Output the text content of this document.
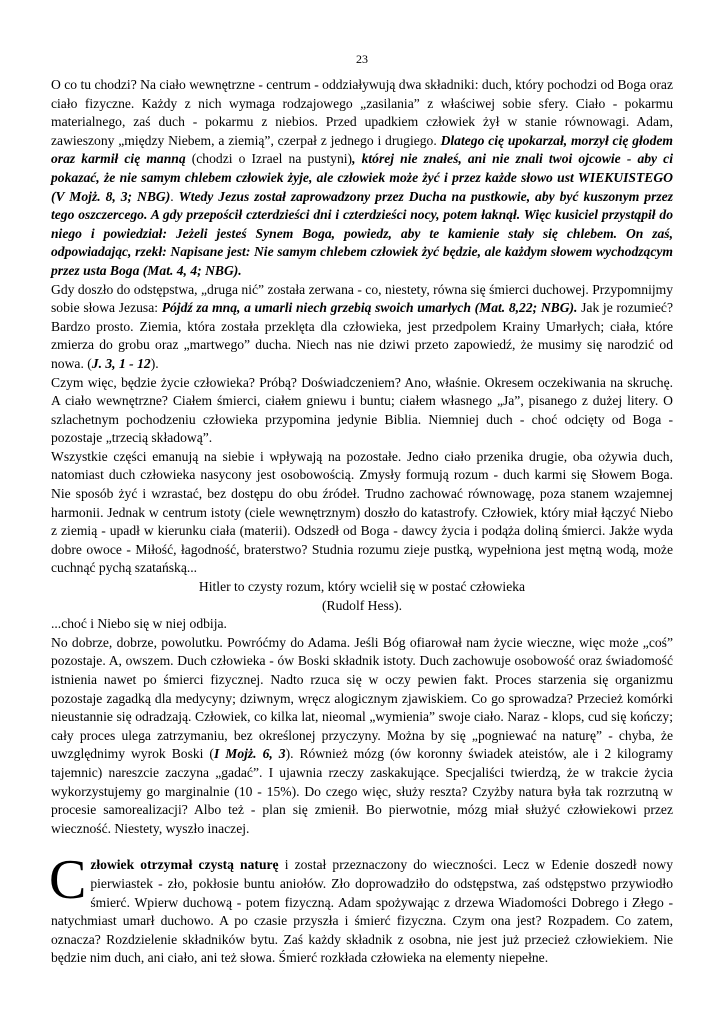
23

O co tu chodzi? Na ciało wewnętrzne - centrum - oddziaływują dwa składniki: duch, który pochodzi od Boga oraz ciało fizyczne. Każdy z nich wymaga rodzajowego „zasilania” z właściwej sobie sfery. Ciało - pokarmu materialnego, zaś duch - pokarmu z niebios. Przed upadkiem człowiek żył w stanie równowagi. Adam, zawieszony „między Niebem, a ziemią”, czerpał z jednego i drugiego. Dlatego cię upokarzał, morzył cię głodem oraz karmił cię manną (chodzi o Izrael na pustyni), której nie znałeś, ani nie znali twoi ojcowie - aby ci pokazać, że nie samym chlebem człowiek żyje, ale człowiek może żyć i przez każde słowo ust WIEKUISTEGO (V Mojż. 8, 3; NBG). Wtedy Jezus został zaprowadzony przez Ducha na pustkowie, aby być kuszonym przez tego oszczercego. A gdy przepościł czterdzieści dni i czterdzieści nocy, potem łaknął. Więc kusiciel przystąpił do niego i powiedział: Jeżeli jesteś Synem Boga, powiedz, aby te kamienie stały się chlebem. On zaś, odpowiadając, rzekł: Napisane jest: Nie samym chlebem człowiek żyć będzie, ale każdym słowem wychodzącym przez usta Boga (Mat. 4, 4; NBG).

Gdy doszło do odstępstwa, „druga nić” została zerwana - co, niestety, równa się śmierci duchowej. Przypomnijmy sobie słowa Jezusa: Pójdź za mną, a umarli niech grzebią swoich umarłych (Mat. 8,22; NBG). Jak je rozumieć? Bardzo prosto. Ziemia, która została przeklęta dla człowieka, jest przedpolem Krainy Umarłych; ciała, które zmierza do grobu oraz „martwego” ducha. Niech nas nie dziwi przeto zapowiedź, że musimy się narodzić od nowa. (J. 3, 1 - 12).

Czym więc, będzie życie człowieka? Próbą? Doświadczeniem? Ano, właśnie. Okresem oczekiwania na skruchę. A ciało wewnętrzne? Ciałem śmierci, ciałem gniewu i buntu; ciałem własnego „Ja”, pisanego z dużej litery. O szlachetnym pochodzeniu człowieka przypomina jedynie Biblia. Niemniej duch - choć odcięty od Boga - pozostaje „trzecią składową”.

Wszystkie części emanują na siebie i wpływają na pozostałe. Jedno ciało przenika drugie, oba ożywia duch, natomiast duch człowieka nasycony jest osobowością. Zmysły formują rozum - duch karmi się Słowem Boga. Nie sposób żyć i wzrastać, bez dostępu do obu źródeł. Trudno zachować równowagę, poza stanem wzajemnej harmonii. Jednak w centrum istoty (ciele wewnętrznym) doszło do katastrofy. Człowiek, który miał łączyć Niebo z ziemią - upadł w kierunku ciała (materii). Odszedł od Boga - dawcy życia i podąża doliną śmierci. Jakże wyda dobre owoce - Miłość, łagodność, braterstwo? Studnia rozumu zieje pustką, wypełniona jest mętną wodą, może cuchnąć pychą szatańską...

Hitler to czysty rozum, który wcielił się w postać człowieka

(Rudolf Hess).

...choć i Niebo się w niej odbija.

No dobrze, dobrze, powolutku. Powróćmy do Adama. Jeśli Bóg ofiarował nam życie wieczne, więc może „coś” pozostaje. A, owszem. Duch człowieka - ów Boski składnik istoty. Duch zachowuje osobowość oraz świadomość istnienia nawet po śmierci fizycznej. Nadto rzuca się w oczy pewien fakt. Proces starzenia się organizmu pozostaje zagadką dla medycyny; dziwnym, wręcz alogicznym zjawiskiem. Co go sprowadza? Przecież komórki nieustannie się odradzają. Człowiek, co kilka lat, nieomal „wymienia” swoje ciało. Naraz - klops, cud się kończy; cały proces ulega zatrzymaniu, bez określonej przyczyny. Można by się „pogniewać na naturę” - chyba, że uwzględnimy wyrok Boski (I Mojż. 6, 3). Również mózg (ów koronny świadek ateistów, ale i 2 kilogramy tajemnic) nareszcie zaczyna „gadać”. I ujawnia rzeczy zaskakujące. Specjaliści twierdzą, że w trakcie życia wykorzystujemy go marginalnie (10 - 15%). Do czego więc, służy reszta? Czyżby natura była tak rozrzutną w procesie samorealizacji? Albo też - plan się zmienił. Bo pierwotnie, mózg miał służyć człowiekowi przez wieczność. Niestety, wyszło inaczej.

Człowiek otrzymał czystą naturę i został przeznaczony do wieczności. Lecz w Edenie doszedł nowy pierwiastek - zło, pokłosie buntu aniołów. Zło doprowadziło do odstępstwa, zaś odstępstwo przywiodło śmierć. Wpierw duchową - potem fizyczną. Adam spożywając z drzewa Wiadomości Dobrego i Złego - natychmiast umarł duchowo. A po czasie przyszła i śmierć fizyczna. Czym ona jest? Rozpadem. Co zatem, oznacza? Rozdzielenie składników bytu. Zaś każdy składnik z osobna, nie jest już przecież człowiekiem. Nie będzie nim duch, ani ciało, ani też słowa. Śmierć rozkłada człowieka na elementy niepełne.
